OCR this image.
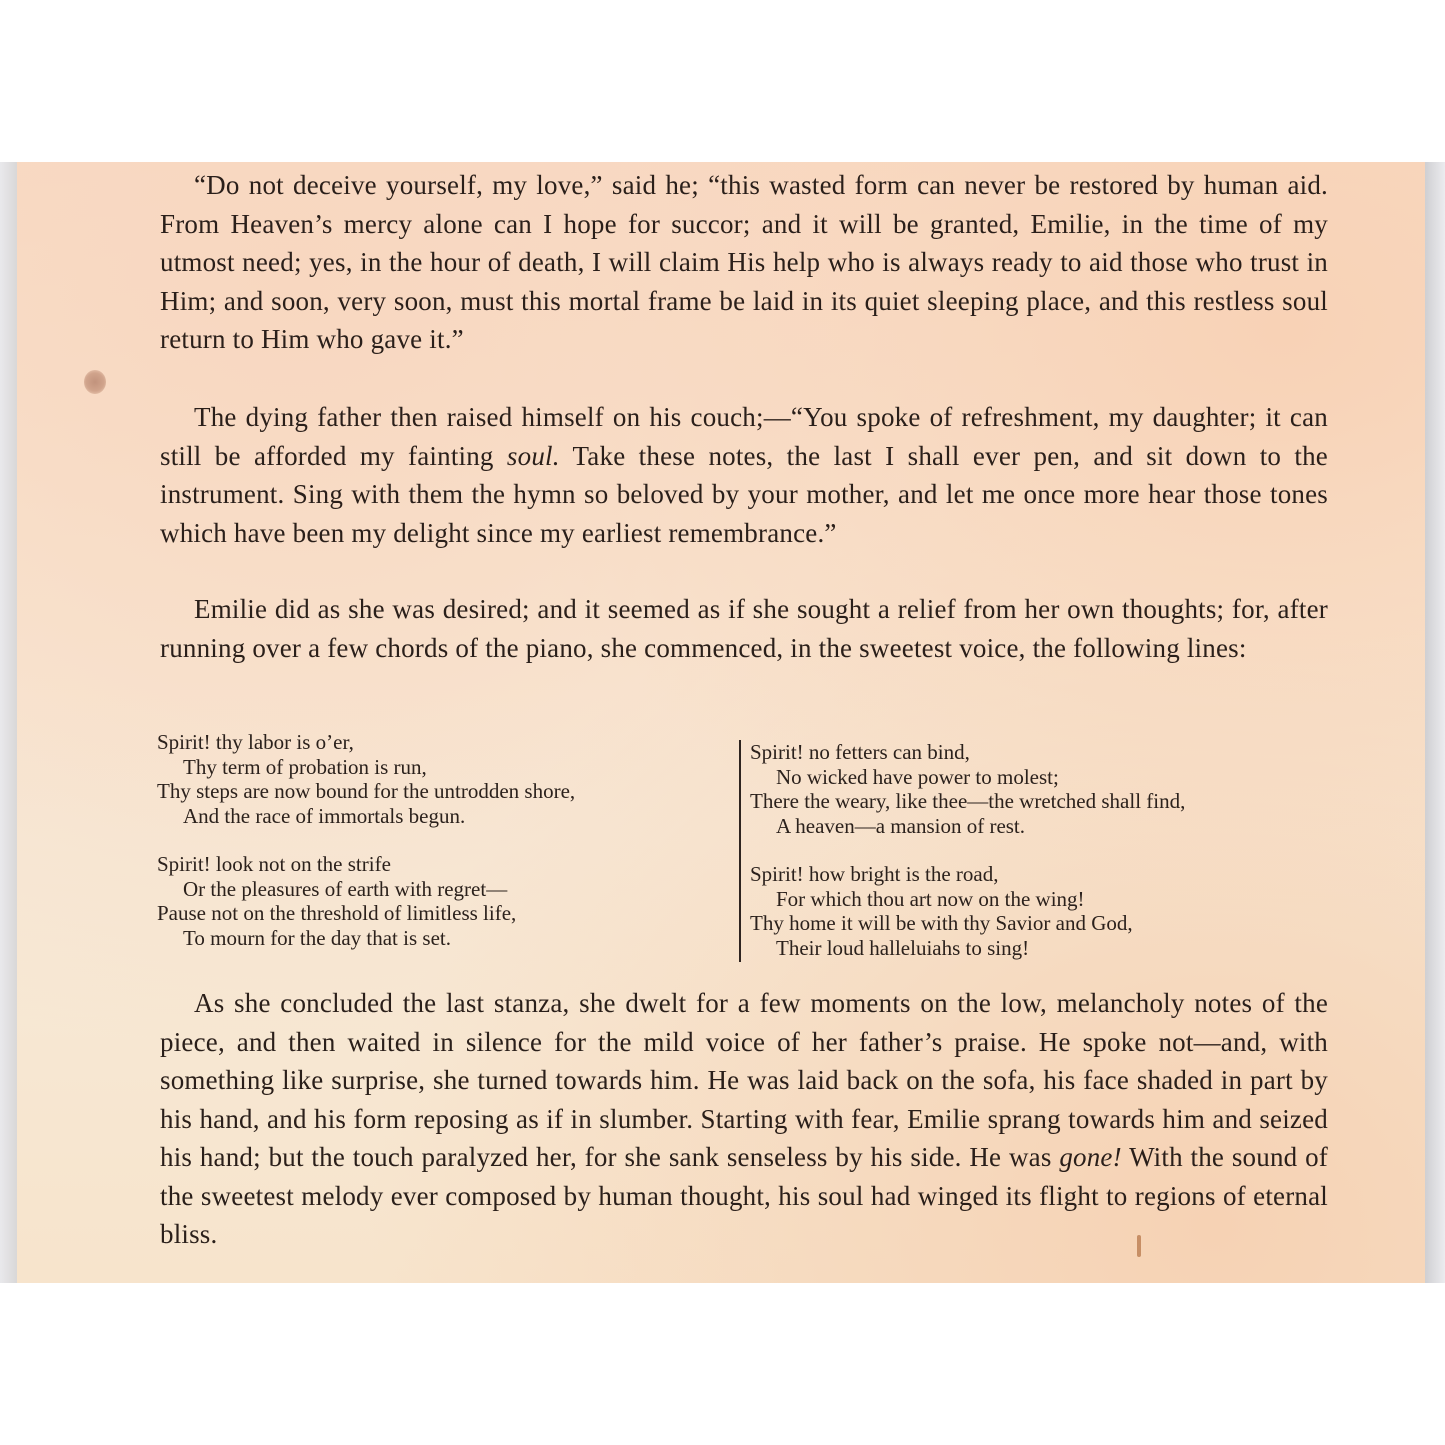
“Do not deceive yourself, my love,” said he; “this wasted form can never be restored by human aid. From Heaven’s mercy alone can I hope for succor; and it will be granted, Emilie, in the time of my utmost need; yes, in the hour of death, I will claim His help who is always ready to aid those who trust in Him; and soon, very soon, must this mortal frame be laid in its quiet sleeping place, and this restless soul return to Him who gave it.”

The dying father then raised himself on his couch;—“You spoke of refreshment, my daughter; it can still be afforded my fainting soul. Take these notes, the last I shall ever pen, and sit down to the instrument. Sing with them the hymn so beloved by your mother, and let me once more hear those tones which have been my delight since my earliest remembrance.”

Emilie did as she was desired; and it seemed as if she sought a relief from her own thoughts; for, after running over a few chords of the piano, she commenced, in the sweetest voice, the following lines:

Spirit! thy labor is o’er,
Thy term of probation is run,
Thy steps are now bound for the untrodden shore,
And the race of immortals begun.
Spirit! look not on the strife
Or the pleasures of earth with regret—
Pause not on the threshold of limitless life,
To mourn for the day that is set.
Spirit! no fetters can bind,
No wicked have power to molest;
There the weary, like thee—the wretched shall find,
A heaven—a mansion of rest.
Spirit! how bright is the road,
For which thou art now on the wing!
Thy home it will be with thy Savior and God,
Their loud halleluiahs to sing!

As she concluded the last stanza, she dwelt for a few moments on the low, melancholy notes of the piece, and then waited in silence for the mild voice of her father’s praise. He spoke not—and, with something like surprise, she turned towards him. He was laid back on the sofa, his face shaded in part by his hand, and his form reposing as if in slumber. Starting with fear, Emilie sprang towards him and seized his hand; but the touch paralyzed her, for she sank senseless by his side. He was gone! With the sound of the sweetest melody ever composed by human thought, his soul had winged its flight to regions of eternal bliss.
